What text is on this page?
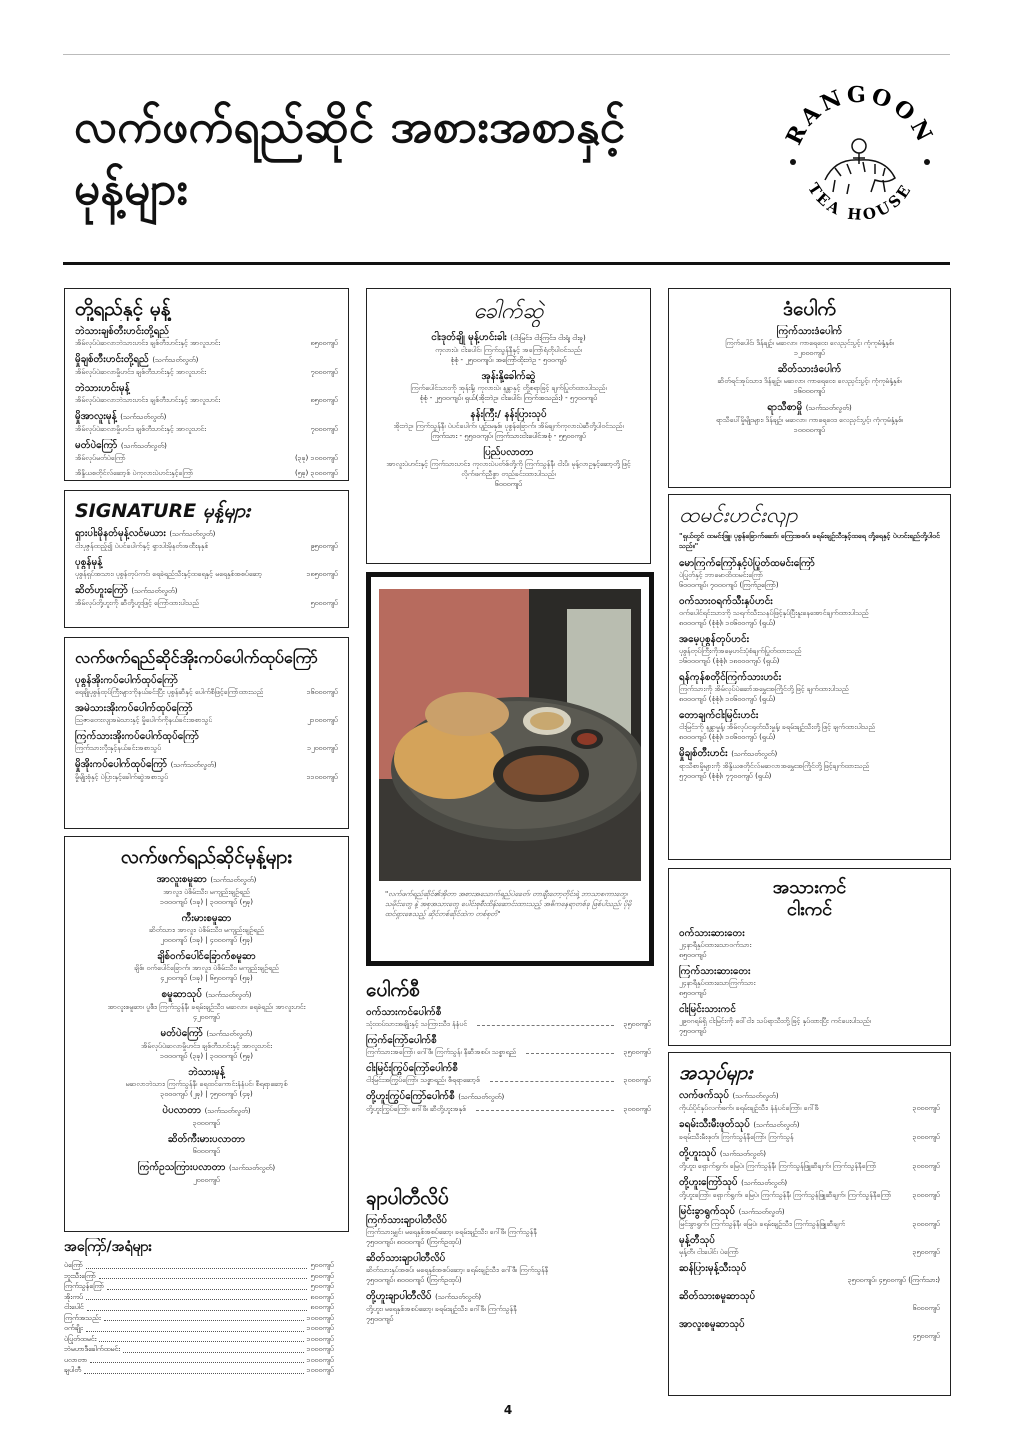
လက်ဖက်ရည်ဆိုင် အစားအစာနှင့်
မုန့်များ
RANGOON
TEA HOUSE
တို့ရည်နှင့် မုန့်
ဘဲသားချစ်တီးဟင်းတို့ရည်
အိမ်လုပ်ပဲဆလာဘဲသားဟင်း၊ ချစ်တီးဟင်းနှင့် အာလူးဟင်း	၈၅၀၀ကျပ်
မှိုချစ်တီးဟင်းတို့ရည် (သက်သတ်လွတ်)
အိမ်လုပ်ပဲဆလာမှိုဟင်း၊ ချစ်တီးဟင်းနှင့် အာလူးဟင်း	၇၀၀၀ကျပ်
ဘဲသားဟင်းမုန့်
အိမ်လုပ်ပဲဆလာဘဲသားဟင်း၊ ချစ်တီးဟင်းနှင့် အာလူးဟင်း	၈၅၀၀ကျပ်
မှိုအာလူးမုန့် (သက်သတ်လွတ်)
အိမ်လုပ်ပဲဆလာမှိုဟင်း၊ ချစ်တီးဟင်းနှင့် အာလူးဟင်း	၇၀၀၀ကျပ်
မတ်ပဲကြော် (သက်သတ်လွတ်)
အိမ်လုပ်မတ်ပဲကြော်	(၃ခု) ၁၀၀၀ကျပ်
အိန္ဒိယစတိုင်လ်ဆော့စ် ပဲကုလားပဲဟင်းနှင့်ကြော်	(၅ခု) ၃၀၀၀ကျပ်
SIGNATURE မုန့်များ
ရှားပါးမိုနတ်မုန့်လင်မယား (သက်သတ်လွတ်)
ငါးပုဇွန်ထည့်၍ ပဲပင်ပေါက်နှင့် ရှားပါးမိုနတ်အထီးနနှစ်	၉၅၀၀ကျပ်
ပုစွန်မုန့်
ပုစွန်ရှပ်အသား၊ ပုစွန်တုပ်ကင်၊ ရေခဲရည်သီးနှင့်ထရေနှင့် မရေနှစ်အစပ်ဆော့	၁၈၅၀၀ကျပ်
ဆိတ်ဟူးကြော် (သက်သတ်လွတ်)
အိမ်လုပ်တို့ဟူးကို ဆီတို့ဟူးဖြင့် ကြော်ထားပါသည်	၅၀၀၀ကျပ်
လက်ဖက်ရည်ဆိုင်အိုးကပ်ပေါက်ထုပ်ကြော်
ပုစွန်အိုးကပ်ပေါက်ထုပ်ကြော်
ရေချိုပုစွန်ထုပ်ကြီးများကိုနယ်ခင်းပြီး ပုစွန်ဆီနှင့် ပေါက်စီဖြင့်ကြော်ထားသည်	၁၆၀၀၀ကျပ်
အမဲသားအိုးကပ်ပေါက်ထုပ်ကြော်
သြဇာတေးလျအမဲသားနှင့် မှိုပေါက်ကိုနယ်ခင်းအစာသွပ်	၂၁၀၀၀ကျပ်
ကြက်သားအိုးကပ်ပေါက်ထုပ်ကြော်
ကြက်သားလှီးနှင့်နယ်ခင်းအစာသွပ်	၁၂၀၀၀ကျပ်
မှိုအိုးကပ်ပေါက်ထုပ်ကြော် (သက်သတ်လွတ်)
မှိုမျိုးစုံနှင့် ပဲပြားနှင့်ခေါက်ဆွဲအစာသွပ်	၁၁၀၀၀ကျပ်
လက်ဖက်ရည်ဆိုင်မုန့်များ
အာလူးစမူဆာ (သက်သတ်လွတ်)
အာလူး၊ ပဲစိမ်းသီး၊ မကျည်းချဉ်ရည်
၁၀၀၀ကျပ် (၁ခု) | ၃၀၀၀ကျပ် (၅ခု)
ကီးမားစမူဆာ
ဆိတ်သား၊ အာလူး၊ ပဲစိမ်းသီး၊ မကျည်းချဉ်ရည်
၂၀၀၀ကျပ် (၁ခု) | ၄၀၀၀ကျပ် (၅ခု)
ချိစ်ဝက်ပေါင်ခြောက်စမူဆာ
ချိစ်၊ ဝက်ပေါင်ခြောက်၊ အာလူး၊ ပဲစိမ်းသီး၊ မကျည်းချဉ်ရည်
၄၂၀၀ကျပ် (၁ခု) | ၆၅၀၀ကျပ် (၅ခု)
စမူဆာသုပ် (သက်သတ်လွတ်)
အာလူးစမူဆာ၊ ပူစီး၊ ကြက်သွန်နီ၊ ခရမ်းချဉ်သီး၊ မဆလာ၊ ရေခဲရည်၊ အာလူးဟင်း
၄၂၀၀ကျပ်
မတ်ပဲကြော် (သက်သတ်လွတ်)
အိမ်လုပ်ပဲဆလာမှိုဟင်း၊ ချစ်တီးဟင်းနှင့် အာလူးဟင်း
၁၀၀၀ကျပ် (၃ခု) | ၃၀၀၀ကျပ် (၅ခု)
ဘဲသားမုန့်
မဆလာဘဲသား၊ ကြက်သွန်နီ၊ ရေထင်ကောင်းနံနံပင်၊ စီရရာဆော့စ်
၃၀၀၀ကျပ် (၂ခု) | ၇၅၀၀ကျပ် (၄ခု)
ပဲပလာတာ (သက်သတ်လွတ်)
၃၀၀၀ကျပ်
ဆိတ်ကီးမားပလာတာ
၆၀၀၀ကျပ်
ကြက်ဥသကြားပလာတာ (သက်သတ်လွတ်)
၂၀၀၀ကျပ်
အကြော်/အရံများ
ပဲကြော်	၅၀၀ကျပ်
ဘူးသီးကြော်	၅၀၀ကျပ်
ကြက်သွန်ကြော်	၅၀၀ကျပ်
အိုးကပ်	၈၀၀ကျပ်
ငါးပေါင်	၈၀၀ကျပ်
ကြက်အသည်း	၁၀၀၀ကျပ်
ဝက်ချိုး	၁၀၀၀ကျပ်
ပဲပြုတ်ထမင်း	၁၀၀၀ကျပ်
ဘဲမဟာဒီခေါက်ထမင်း	၁၀၀၀ကျပ်
ပလာတာ	၁၀၀၀ကျပ်
ချပါတီ	၁၀၀၀ကျပ်
ခေါက်ဆွဲ
ငါးဒုတ်ချို မုန့်ဟင်းခါး (ငါးမြင်း၊ ငါးကြင်း၊ ငါးရံ့၊ ငါးခူ)
ကုလားပဲ၊ ငါးပေါင်၊ ကြက်သွန်နီနှင့် အကြော်ရံတိုပါဝင်သည်၊
စုံစုံ - ၂၅၀၀ကျပ်၊ အကြော်ထိုးဘဲဥ - ၅၀၀ကျပ်
အုန်းနို့ခေါက်ဆွဲ
ကြက်ပေါင်သားကို အုန်းနို့၊ ကုလားပဲ၊ နန္တာနှင့် တို့စရာဖြင့် ချက်ပြုတ်ထားပါသည်၊
စုံစုံ - ၂၅၀၀ကျပ်၊ ရှယ်(အိုးဘဲဥ၊ ငါးပေါင်၊ ကြက်အသည်း) - ၅၇၀၀ကျပ်
နန်းကြီး/ နန်းပြားသုပ်
အိုးဘဲဥ၊ ကြက်သွန်နီ၊ ပဲပင်ပေါက်၊ ပျဉ်းမနှစ်၊ ပုစွန်ခြောက်၊ အိမ်ချက်ကုလားပဲဆီတို့ပါဝင်သည်၊
ကြက်သား - ၅၅၀၀ကျပ်၊ ကြက်သားငါးပေါင်အစုံ - ၅၅၀၀ကျပ်
ပြည်ပလာတာ
အာလူးပဲဟင်းနှင့် ကြက်သားဟင်း၊ ကုလားပဲပတ်စ်တို့ကို ကြက်သွန်နီ၊ ငါးပိ၊ မုန့်လာဥနှင့်ဆော့တို့ဖြင့် လိုက်ဖက်ညီစွာ တည်ခင်းထားပါသည်၊
၆၀၀၀ကျပ်
"လက်ဖက်ရည်ဆိုင်၏အိုတာ အစားအသောက်ရည်ပဲခေတ်၊ တာချီးတော့တိုင်းရဲ့ ဘာသာစကားတွေ၊ သမိုင်းတွေ နဲ့ အစုအသားတွေ ပေါင်းစုစီးထိန်းဆောင်းထားသည့် အဓိကနေရာတစ်ခု ဖြစ်ပါသည်၊ ပိုမိုထင်ရှားစေသည့် ဆိုင်တစ်ဆိုင်ထဲက တစ်စုတ်"
ပေါက်စီ
ဝက်သားကင်ပေါက်စီ
သုံးထပ်သားအချိုးနှင့် သကြားသီး၊ နံနံပင်	၃၅၀၀ကျပ်
ကြက်ကြော်ပေါက်စီ
ကြက်သားအကြော်၊ ဂေါ်ဖီ၊ ကြက်သွန်၊ နီဆီအစပ်၊ သစ္စာရည်	၃၅၀၀ကျပ်
ငါးမြင်းကြွပ်ကြော်ပေါက်စီ
ငါးမြင်းအကြွပ်ကြော်၊ သစ္စာရည်၊ စီရရာဆော့စ်	၃၀၀၀ကျပ်
တို့ဟူးကြွပ်ကြော်ပေါက်စီ (သက်သတ်လွတ်)
တို့ဟူးကြွပ်ကြော်၊ ဂေါ်ဖီ၊ ဆီတို့ဟူးအနှစ်	၃၀၀၀ကျပ်
ချာပါတီလိပ်
ကြက်သားချာပါတီလိပ်
ကြက်သားမျှင်၊ မရေနှစ်အစပ်ဆော့၊ ခရမ်းချဉ်သီး၊ ဂေါ်ဖီ၊ ကြက်သွန်နီ
၇၅၀၀ကျပ်၊ ၈၀၀၀ကျပ် (ကြက်ဥထုပ်)
ဆိတ်သားချာပါတီလိပ်
ဆိတ်သားနှပ်အစပ်၊ မရေနှစ်အစပ်ဆော့၊ ခရမ်းချဉ်သီး၊ ဂေါ်ဖီ၊ ကြက်သွန်နီ
၇၅၀၀ကျပ်၊ ၈၀၀၀ကျပ် (ကြက်ဥထုပ်)
တို့ဟူးချာပါတီလိပ် (သက်သတ်လွတ်)
တို့ဟူး၊ မရေနှစ်အစပ်ဆော့၊ ခရမ်းချဉ်သီး၊ ဂေါ်ဖီ၊ ကြက်သွန်နီ
၇၅၀၀ကျပ်
ဒံပေါက်
ကြက်သားဒံပေါက်
ကြက်ပေါင်၊ ဒိန်ချဉ်၊ မဆလာ၊ ကာရေဝေး၊ လေညှင်းပွင့်၊ ကုံကုမံနှံ့နှစ်၊
၁၂၀၀၀ကျပ်
ဆိတ်သားဒံပေါက်
ဆိတ်ရင်အုပ်သား၊ ဒိန်ချဉ်၊ မဆလာ၊ ကာရေဝေး၊ လေညှင်းပွင့်၊ ကုံကုမံနှံ့နှစ်၊
၁၆၀၀၀ကျပ်
ရာသီစာမှို (သက်သတ်လွတ်)
ရာသီပေါ်မှိုမျိုးများ၊ ဒိန်ချဉ်၊ မဆလာ၊ ကာရေဝေး၊ လေညှင်းပွင့်၊ ကုံကုမံနှံ့နှစ်၊
၁၀၀၀၀ကျပ်
ထမင်းဟင်းလျာ
"ရှယ်တွင် ထမင်းဖြူ၊ ပုစွန်ခြောက်ဆော်၊ ကြေးအစပ်၊ ခရမ်းချဉ်သီးနှင့်ထရေ တို့ရေနှင့် ပဲဟင်းရည်တို့ပါဝင်သည်။"
မောကြက်ကြော်နှင့်ပဲပြုတ်ထမင်းကြော်
ပဲပြုတ်နှင့် ဘာမောထိထမင်းကြော်
၆၀၀၀ကျပ်၊ ၇၀၀၀ကျပ် (ကြက်ဥကြော်)
ဝက်သားဝရက်သီးနှပ်ဟင်း
ဝက်ပေါင်ရင်းသားကို သရက်သီးသနပ်ဖြင့်နှပ်ပြီးနူးနေအောင်ချက်ထားပါသည်
၈၀၀၀ကျပ် (စုံစုံ)၊ ၁၀၆၀၀ကျပ် (ရှယ်)
အမေ့ပုစွန်တုပ်ဟင်း
ပုစွန်တုပ်ကြီးကိုအမေ့ဟင်းပုံစံချက်ပြုတ်ထားသည်
၁၆၀၀၀ကျပ် (စုံစုံ)၊ ၁၈၀၀၀ကျပ် (ရှယ်)
ရန်ကုန်စတိုင်ကြက်သားဟင်း
ကြက်သားကို အိမ်လုပ်ပဲဆော်အမွှေးအကြိုင်တို့ဖြင့် ချက်ထားပါသည်
၈၀၀၀ကျပ် (စုံစုံ)၊ ၁၀၆၀၀ကျပ် (ရှယ်)
တောချက်ငါးမြင်းဟင်း
ငါးမြင်းကို နန္တာမှုန့်၊ အိမ်လုပ်ငရုတ်သီးမှုန့်၊ ခရမ်းချဉ်သီးတို့ဖြင့် ချက်ထားပါသည်
၈၀၀၀ကျပ် (စုံစုံ)၊ ၁၀၆၀၀ကျပ် (ရှယ်)
မှိုချစ်တီးဟင်း (သက်သတ်လွတ်)
ရာသီစာမှိုများကို အိန္ဒိယစတိုင်လ်မဆလာအမွှေးအကြိုင်တို့ဖြင့်ချက်ထားသည်
၅၇၀၀ကျပ် (စုံစုံ)၊ ၇၇၀၀ကျပ် (ရှယ်)
အသားကင်
ငါးကင်
ဝက်သားဆားတေး
၂၄နာရီနှပ်ထားသောဝက်သား
၈၅၀၀ကျပ်
ကြက်သားဆားတေး
၂၄နာရီနှပ်ထားသောကြက်သား
၈၅၀၀ကျပ်
ငါးမြင်းသားကင်
၂၉ဝဂရမ်ရှိ ငါးမြင်းကို ဝေါ်ငါး၊ သပ်ရာသီးတို့ဖြင့် နှပ်ထားပြီး ကင်ပေးပါသည်၊
၇၅၀၀ကျပ်
အသုပ်များ
လက်ဖက်သုပ် (သက်သတ်လွတ်)
ကိုယ်ပိုင်နှပ်လက်ဖက်၊ ခရမ်းချဉ်သီး၊ နံနံပင်ကြော်၊ ဂေါ်ဖီ	၃၀၀၀ကျပ်
ခရမ်းသီးမီးဖုတ်သုပ် (သက်သတ်လွတ်)
ခရမ်းသီးမီးဖုတ်၊ ကြက်သွန်နီကြော်၊ ကြက်သွန်	၃၀၀၀ကျပ်
တို့ဟူးသုပ် (သက်သတ်လွတ်)
တို့ဟူး၊ ရှောက်ရွက်၊ မြေပဲ၊ ကြက်သွန်နီ၊ ကြက်သွန်ဖြူဆီချက်၊ ကြက်သွန်နီကြော်	၃၀၀၀ကျပ်
တို့ဟူးကြော်သုပ် (သက်သတ်လွတ်)
တို့ဟူးကြော်၊ ရှောက်ရွက်၊ မြေပဲ၊ ကြက်သွန်နီ၊ ကြက်သွန်ဖြူဆီချက်၊ ကြက်သွန်နီကြော်	၃၀၀၀ကျပ်
မြင်းခွာရွက်သုပ် (သက်သတ်လွတ်)
မြင်းခွာရွက်၊ ကြက်သွန်နီ၊ မြေပဲ၊ ခရမ်းချဉ်သီး၊ ကြက်သွန်ဖြူဆီချက်	၃၀၀၀ကျပ်
မုန့်တီသုပ်
မုန့်တီ၊ ငါးပေါင်၊ ပဲကြော်	၃၅၀၀ကျပ်
ဆန်ပြားမုန့်သီးသုပ်
၃၅၀၀ကျပ်၊ ၄၅၀၀ကျပ် (ကြက်သား)
ဆိတ်သားစမူဆာသုပ်
၆၀၀၀ကျပ်
အာလူးစမူဆာသုပ်
၄၅၀၀ကျပ်
4
